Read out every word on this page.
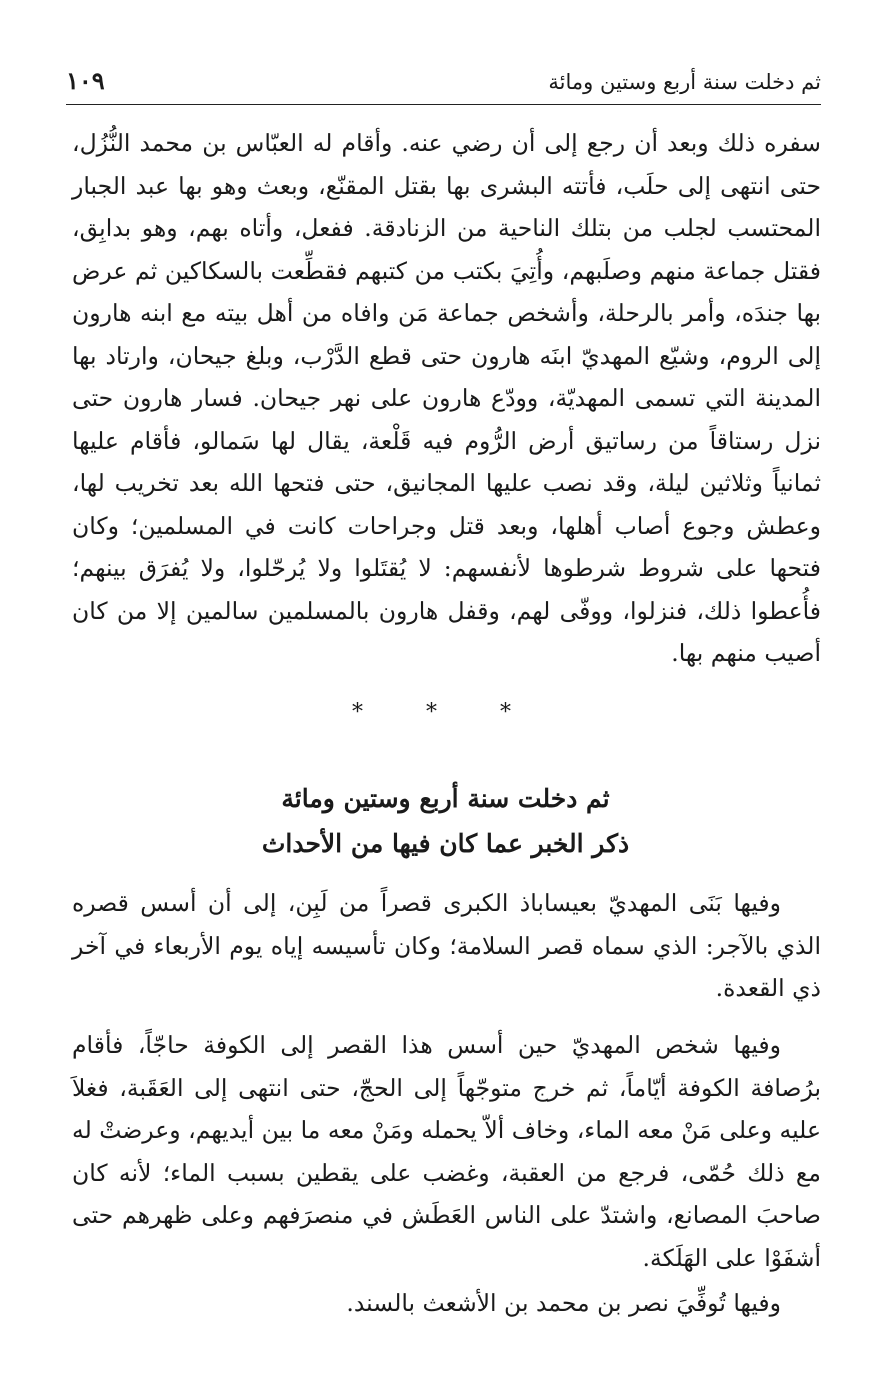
ثم دخلت سنة أربع وستين ومائة
١٠٩

سفره ذلك وبعد أن رجع إلى أن رضي عنه. وأقام له العبّاس بن محمد النُّزُل، حتى انتهى إلى حلَب، فأتته البشرى بها بقتل المقنّع، وبعث وهو بها عبد الجبار المحتسب لجلب من بتلك الناحية من الزنادقة. ففعل، وأتاه بهم، وهو بدابِق، فقتل جماعة منهم وصلَبهم، وأُتِيَ بكتب من كتبهم فقطِّعت بالسكاكين ثم عرض بها جندَه، وأمر بالرحلة، وأشخص جماعة مَن وافاه من أهل بيته مع ابنه هارون إلى الروم، وشيّع المهديّ ابنَه هارون حتى قطع الدَّرْب، وبلغ جيحان، وارتاد بها المدينة التي تسمى المهديّة، وودّع هارون على نهر جيحان. فسار هارون حتى نزل رستاقاً من رساتيق أرض الرُّوم فيه قَلْعة، يقال لها سَمالو، فأقام عليها ثمانياً وثلاثين ليلة، وقد نصب عليها المجانيق، حتى فتحها الله بعد تخريب لها، وعطش وجوع أصاب أهلها، وبعد قتل وجراحات كانت في المسلمين؛ وكان فتحها على شروط شرطوها لأنفسهم: لا يُقتَلوا ولا يُرحّلوا، ولا يُفرَق بينهم؛ فأُعطوا ذلك، فنزلوا، ووفّى لهم، وقفل هارون بالمسلمين سالمين إلا من كان أصيب منهم بها.

* * *
ثم دخلت سنة أربع وستين ومائة
ذكر الخبر عما كان فيها من الأحداث

وفيها بَنَى المهديّ بعيساباذ الكبرى قصراً من لَبِن، إلى أن أسس قصره الذي بالآجر: الذي سماه قصر السلامة؛ وكان تأسيسه إياه يوم الأربعاء في آخر ذي القعدة.

وفيها شخص المهديّ حين أسس هذا القصر إلى الكوفة حاجّاً، فأقام برُصافة الكوفة أيّاماً، ثم خرج متوجّهاً إلى الحجّ، حتى انتهى إلى العَقَبة، فغلاَ عليه وعلى مَنْ معه الماء، وخاف ألاّ يحمله ومَنْ معه ما بين أيديهم، وعرضتْ له مع ذلك حُمّى، فرجع من العقبة، وغضب على يقطين بسبب الماء؛ لأنه كان صاحبَ المصانع، واشتدّ على الناس العَطَش في منصرَفهم وعلى ظهرهم حتى أشفَوْا على الهَلَكة.

وفيها تُوفِّيَ نصر بن محمد بن الأشعث بالسند.
